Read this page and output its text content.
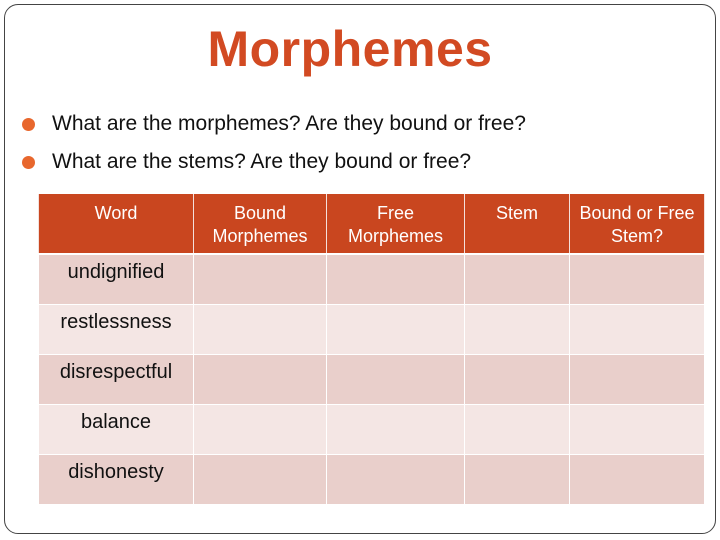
Morphemes
What are the morphemes? Are they bound or free?
What are the stems? Are they bound or free?
Word	Bound Morphemes	Free Morphemes	Stem	Bound or Free Stem?
undignified				
restlessness				
disrespectful				
balance				
dishonesty				
